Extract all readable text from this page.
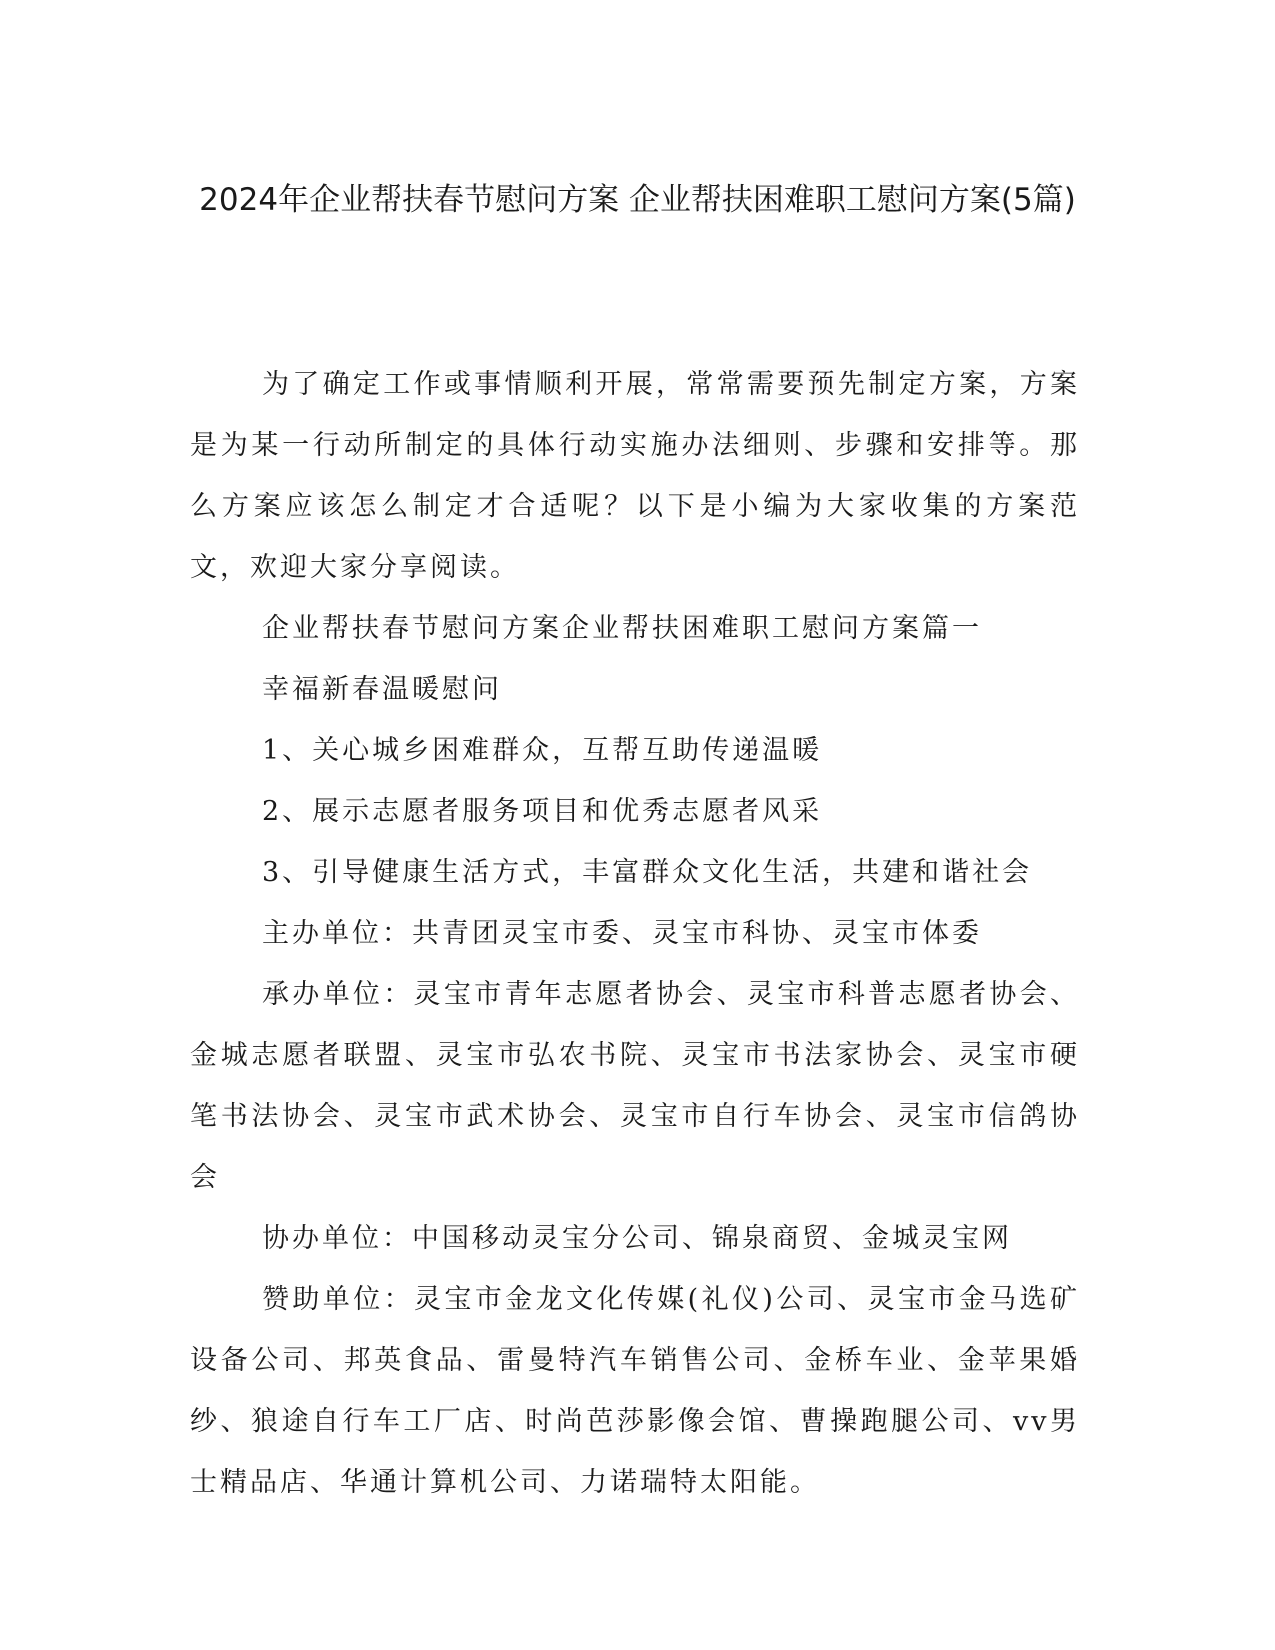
2024年企业帮扶春节慰问方案 企业帮扶困难职工慰问方案(5篇)

为了确定工作或事情顺利开展，常常需要预先制定方案，方案是为某一行动所制定的具体行动实施办法细则、步骤和安排等。那么方案应该怎么制定才合适呢？以下是小编为大家收集的方案范文，欢迎大家分享阅读。

企业帮扶春节慰问方案企业帮扶困难职工慰问方案篇一

幸福新春温暖慰问

1、关心城乡困难群众，互帮互助传递温暖

2、展示志愿者服务项目和优秀志愿者风采

3、引导健康生活方式，丰富群众文化生活，共建和谐社会

主办单位：共青团灵宝市委、灵宝市科协、灵宝市体委

承办单位：灵宝市青年志愿者协会、灵宝市科普志愿者协会、金城志愿者联盟、灵宝市弘农书院、灵宝市书法家协会、灵宝市硬笔书法协会、灵宝市武术协会、灵宝市自行车协会、灵宝市信鸽协会

协办单位：中国移动灵宝分公司、锦泉商贸、金城灵宝网

赞助单位：灵宝市金龙文化传媒(礼仪)公司、灵宝市金马选矿设备公司、邦英食品、雷曼特汽车销售公司、金桥车业、金苹果婚纱、狼途自行车工厂店、时尚芭莎影像会馆、曹操跑腿公司、vv男士精品店、华通计算机公司、力诺瑞特太阳能。
